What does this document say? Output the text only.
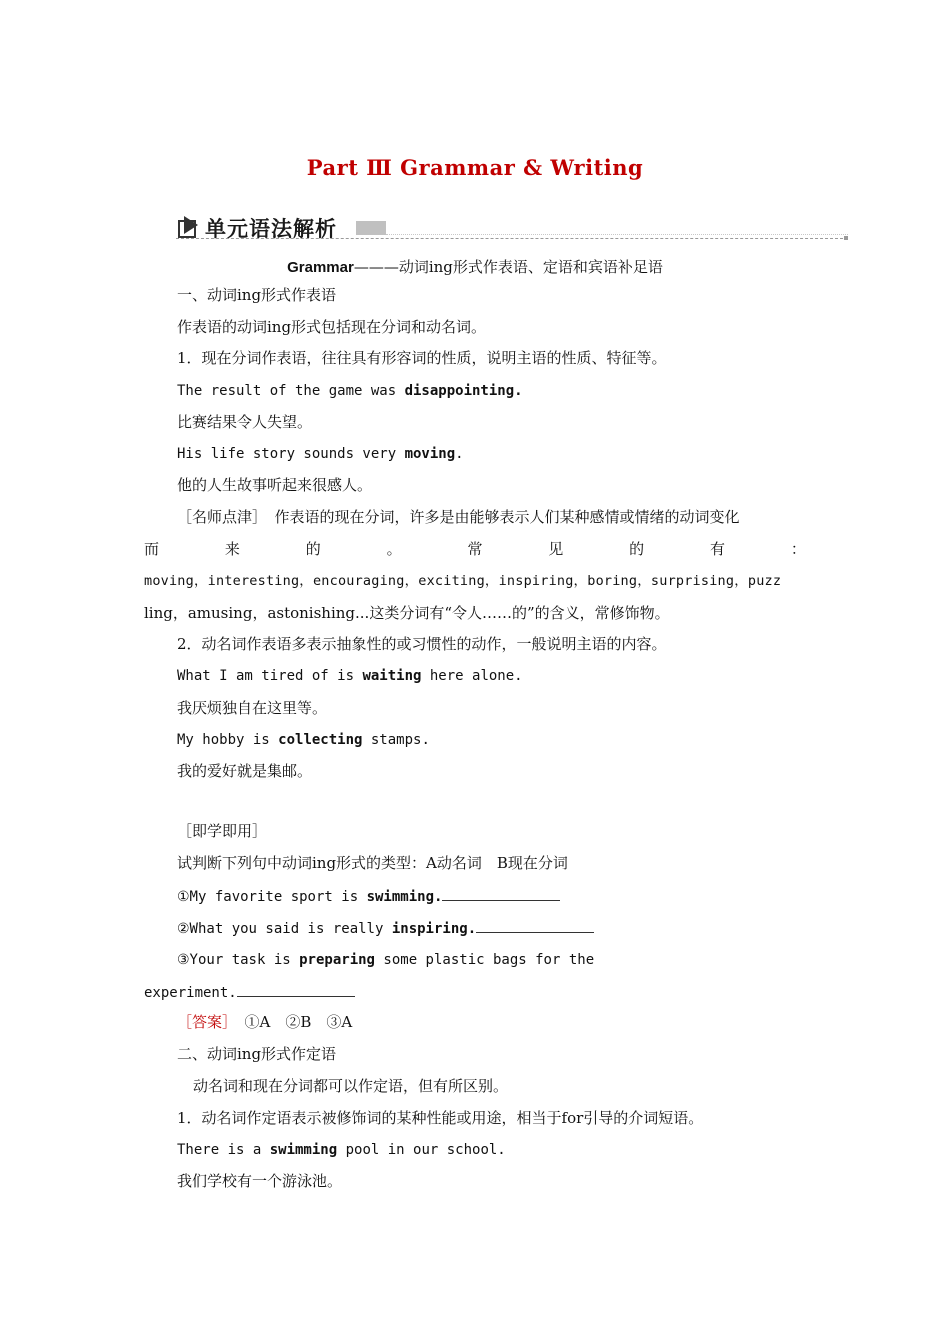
Part Ⅲ Grammar & Writing
单元语法解析
Grammar———动词ing形式作表语、定语和宾语补足语
一、动词ing形式作表语
作表语的动词ing形式包括现在分词和动名词。
1．现在分词作表语，往往具有形容词的性质，说明主语的性质、特征等。
The result of the game was disappointing.
比赛结果令人失望。
His life story sounds very moving.
他的人生故事听起来很感人。
［名师点津］　作表语的现在分词，许多是由能够表示人们某种感情或情绪的动词变化
而	来	的	。	常	见	的	有	：
moving，interesting，encouraging，exciting，inspiring，boring，surprising，puzz
ling，amusing，astonishing...这类分词有“令人……的”的含义，常修饰物。
2．动名词作表语多表示抽象性的或习惯性的动作，一般说明主语的内容。
What I am tired of is waiting here alone.
我厌烦独自在这里等。
My hobby is collecting stamps.
我的爱好就是集邮。
［即学即用］
试判断下列句中动词ing形式的类型：A动名词　B现在分词
①My favorite sport is swimming.
②What you said is really inspiring.
③Your task is preparing some plastic bags for the
experiment.
［答案］　①A　②B　③A
二、动词ing形式作定语
动名词和现在分词都可以作定语，但有所区别。
1．动名词作定语表示被修饰词的某种性能或用途，相当于for引导的介词短语。
There is a swimming pool in our school.
我们学校有一个游泳池。
